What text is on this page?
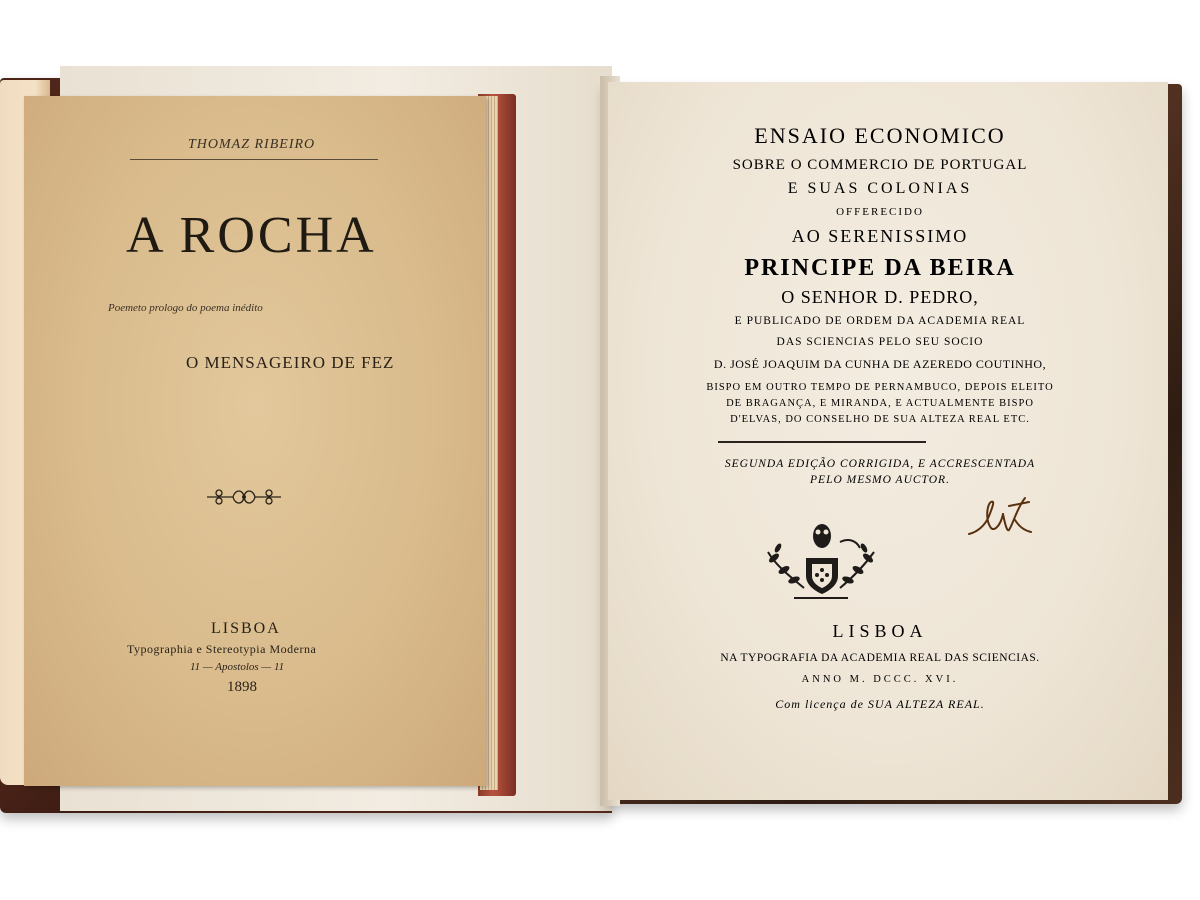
THOMAZ RIBEIRO
A ROCHA
Poemeto prologo do poema inédito
O MENSAGEIRO DE FEZ
LISBOA
Typographia e Stereotypia Moderna
11 — Apostolos — 11
1898
ENSAIO ECONOMICO
SOBRE O COMMERCIO DE PORTUGAL
E SUAS COLONIAS
OFFERECIDO
AO SERENISSIMO
PRINCIPE DA BEIRA
O SENHOR D. PEDRO,
E PUBLICADO DE ORDEM DA ACADEMIA REAL
DAS SCIENCIAS PELO SEU SOCIO
D. JOSÉ JOAQUIM DA CUNHA DE AZEREDO COUTINHO,
BISPO EM OUTRO TEMPO DE PERNAMBUCO, DEPOIS ELEITO
DE BRAGANÇA, E MIRANDA, E ACTUALMENTE BISPO
D'ELVAS, DO CONSELHO DE SUA ALTEZA REAL ETC.
SEGUNDA EDIÇÃO CORRIGIDA, E ACCRESCENTADA
PELO MESMO AUCTOR.
LISBOA
NA TYPOGRAFIA DA ACADEMIA REAL DAS SCIENCIAS.
ANNO M. DCCC. XVI.
Com licença de SUA ALTEZA REAL.
